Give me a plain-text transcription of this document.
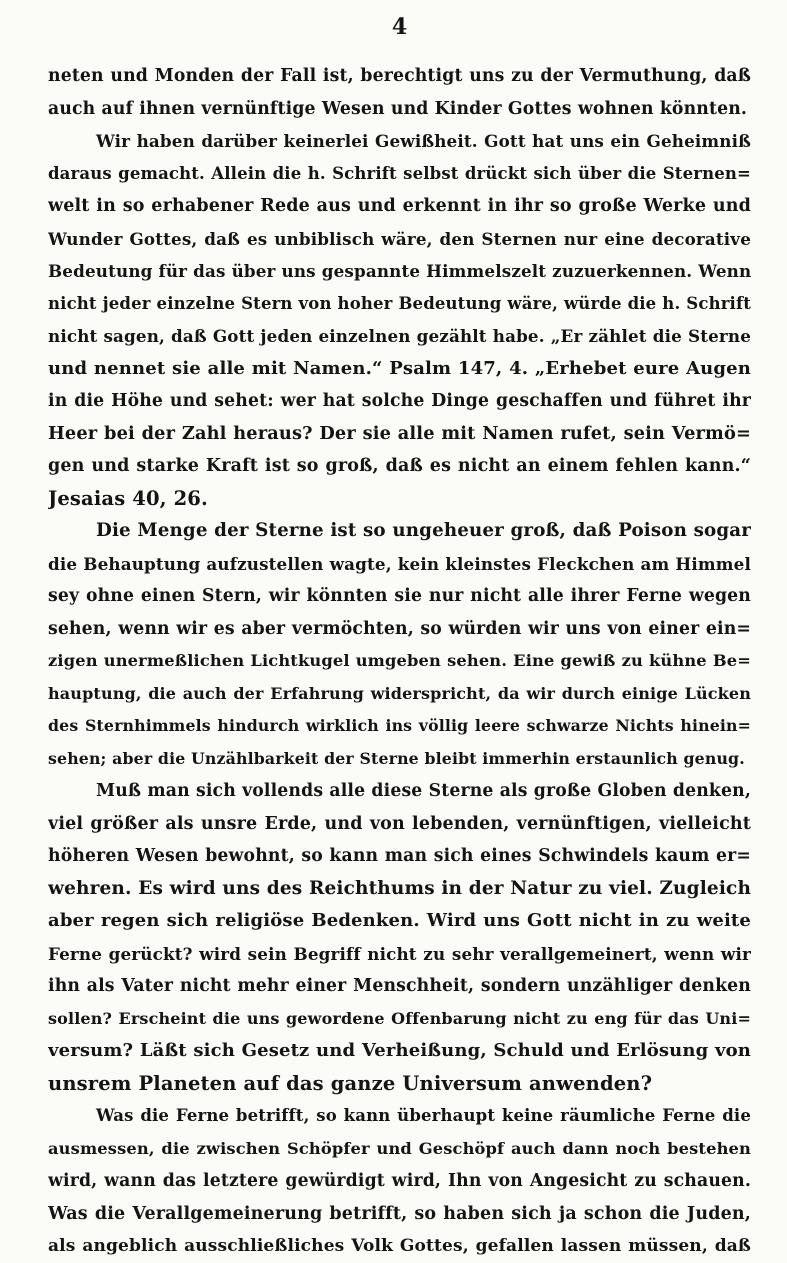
4
neten und Monden der Fall ist, berechtigt uns zu der Vermuthung, daß
auch auf ihnen vernünftige Wesen und Kinder Gottes wohnen könnten.
Wir haben darüber keinerlei Gewißheit. Gott hat uns ein Geheimniß
daraus gemacht. Allein die h. Schrift selbst drückt sich über die Sternen=
welt in so erhabener Rede aus und erkennt in ihr so große Werke und
Wunder Gottes, daß es unbiblisch wäre, den Sternen nur eine decorative
Bedeutung für das über uns gespannte Himmelszelt zuzuerkennen. Wenn
nicht jeder einzelne Stern von hoher Bedeutung wäre, würde die h. Schrift
nicht sagen, daß Gott jeden einzelnen gezählt habe. „Er zählet die Sterne
und nennet sie alle mit Namen.“ Psalm 147, 4. „Erhebet eure Augen
in die Höhe und sehet: wer hat solche Dinge geschaffen und führet ihr
Heer bei der Zahl heraus? Der sie alle mit Namen rufet, sein Vermö=
gen und starke Kraft ist so groß, daß es nicht an einem fehlen kann.“
Jesaias 40, 26.
Die Menge der Sterne ist so ungeheuer groß, daß Poison sogar
die Behauptung aufzustellen wagte, kein kleinstes Fleckchen am Himmel
sey ohne einen Stern, wir könnten sie nur nicht alle ihrer Ferne wegen
sehen, wenn wir es aber vermöchten, so würden wir uns von einer ein=
zigen unermeßlichen Lichtkugel umgeben sehen. Eine gewiß zu kühne Be=
hauptung, die auch der Erfahrung widerspricht, da wir durch einige Lücken
des Sternhimmels hindurch wirklich ins völlig leere schwarze Nichts hinein=
sehen; aber die Unzählbarkeit der Sterne bleibt immerhin erstaunlich genug.
Muß man sich vollends alle diese Sterne als große Globen denken,
viel größer als unsre Erde, und von lebenden, vernünftigen, vielleicht
höheren Wesen bewohnt, so kann man sich eines Schwindels kaum er=
wehren. Es wird uns des Reichthums in der Natur zu viel. Zugleich
aber regen sich religiöse Bedenken. Wird uns Gott nicht in zu weite
Ferne gerückt? wird sein Begriff nicht zu sehr verallgemeinert, wenn wir
ihn als Vater nicht mehr einer Menschheit, sondern unzähliger denken
sollen? Erscheint die uns gewordene Offenbarung nicht zu eng für das Uni=
versum? Läßt sich Gesetz und Verheißung, Schuld und Erlösung von
unsrem Planeten auf das ganze Universum anwenden?
Was die Ferne betrifft, so kann überhaupt keine räumliche Ferne die
ausmessen, die zwischen Schöpfer und Geschöpf auch dann noch bestehen
wird, wann das letztere gewürdigt wird, Ihn von Angesicht zu schauen.
Was die Verallgemeinerung betrifft, so haben sich ja schon die Juden,
als angeblich ausschließliches Volk Gottes, gefallen lassen müssen, daß
